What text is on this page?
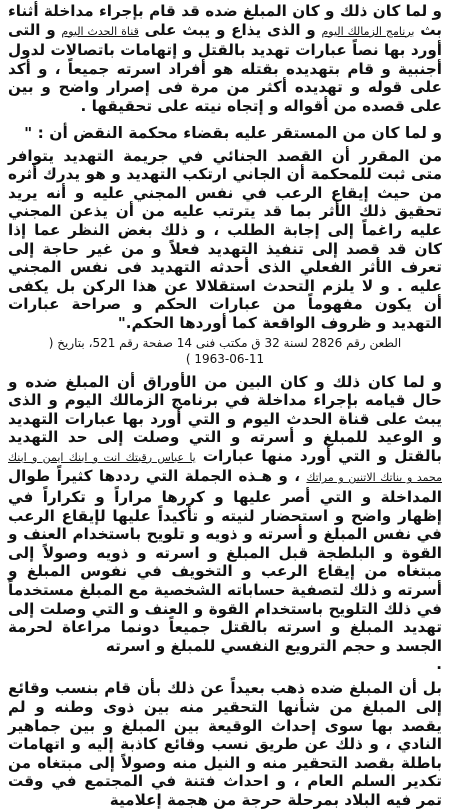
و لما كان ذلك و كان المبلغ ضده قد قام بإجراء مداخلة أثناء بث برنامج الزمالك اليوم و الذى يذاع و يبث على قناة الحدث اليوم و التى أورد بها نصاً عبارات تهديد بالقتل و إتهامات باتصالات لدول أجنبية و قام بتهديده بقتله هو أفراد اسرته جميعاً ، و أكد على قوله و تهديده أكثر من مرة فى إصرار واضح و بين على قصده من أقواله و إتجاه نيته على تحقيقها .

و لما كان من المستقر عليه بقضاء محكمة النقض أن : "

من المقرر أن القصد الجنائي في جريمة التهديد يتوافر متى ثبت للمحكمة أن الجاني ارتكب التهديد و هو يدرك أثره من حيث إيقاع الرعب في نفس المجني عليه و أنه يريد تحقيق ذلك الأثر بما قد يترتب عليه من أن يذعن المجني عليه راغماً إلى إجابة الطلب ، و ذلك بغض النظر عما إذا كان قد قصد إلى تنفيذ التهديد فعلاً و من غير حاجة إلى تعرف الأثر الفعلي الذى أحدثه التهديد فى نفس المجني عليه . و لا يلزم التحدث استقلالا عن هذا الركن بل يكفى أن يكون مفهوماً من عبارات الحكم و صراحة عبارات التهديد و ظروف الواقعة كما أوردها الحكم."

الطعن رقم 2826 لسنة 32 ق مكتب فنى 14 صفحة رقم 521، بتاريخ (

1963-06-11 )

و لما كان ذلك و كان البين من الأوراق أن المبلغ ضده و حال قيامه بإجراء مداخلة في برنامج الزمالك اليوم و الذى يبث على قناة الحدث اليوم و التي أورد بها عبارات التهديد و الوعيد للمبلغ و أسرته و التي وصلت إلى حد التهديد بالقتل و التي أورد منها عبارات يا عباس رقبتك انت و ابنك ايمن و ابنك محمد و بناتك الاتنين و مراتك ، و هـذه الجملة التي رددها كثيراً طوال المداخلة و التي أصر عليها و كررها مراراً و تكراراً في إظهار واضح و استحضار لنيته و تأكيداً عليها لإيقاع الرعب في نفس المبلغ و أسرته و ذويه و تلويح باستخدام العنف و القوة و البلطجة قبل المبلغ و اسرته و ذويه وصولاً إلى مبتغاه من إيقاع الرعب و التخويف في نفوس المبلغ و أسرته و ذلك لتصفية حساباته الشخصية مع المبلغ مستخدماً في ذلك التلويح باستخدام القوة و العنف و التي وصلت إلى تهديد المبلغ و اسرته بالقتل جميعاً دونما مراعاة لحرمة الجسد و حجم الترويع النفسي للمبلغ و اسرته

.

بل أن المبلغ ضده ذهب بعيداً عن ذلك بأن قام بنسب وقائع إلى المبلغ من شأنها التحقير منه بين ذوى وطنه و لم يقصد بها سوى إحداث الوقيعة بين المبلغ و بين جماهير النادي ، و ذلك عن طريق نسب وقائع كاذبة إليه و اتهامات باطلة بقصد التحقير منه و النيل منه وصولاً إلى مبتغاه من تكدير السلم العام ، و احداث فتنة في المجتمع في وقت تمر فيه البلاد بمرحلة حرجة من هجمة إعلامية
